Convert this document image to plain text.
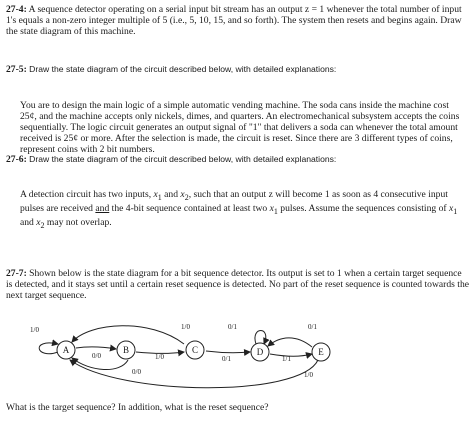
27-4: A sequence detector operating on a serial input bit stream has an output z = 1 whenever the total number of input 1's equals a non-zero integer multiple of 5 (i.e., 5, 10, 15, and so forth). The system then resets and begins again. Draw the state diagram of this machine.

27-5: Draw the state diagram of the circuit described below, with detailed explanations:

You are to design the main logic of a simple automatic vending machine. The soda cans inside the machine cost 25¢, and the machine accepts only nickels, dimes, and quarters. An electromechanical subsystem accepts the coins sequentially. The logic circuit generates an output signal of "1" that delivers a soda can whenever the total amount received is 25¢ or more. After the selection is made, the circuit is reset. Since there are 3 different types of coins, represent coins with 2 bit numbers.

27-6: Draw the state diagram of the circuit described below, with detailed explanations:

A detection circuit has two inputs, $x_1$ and $x_2$, such that an output z will become 1 as soon as 4 consecutive input pulses are received and the 4-bit sequence contained at least two $x_1$ pulses. Assume the sequences consisting of $x_1$ and $x_2$ may not overlap.

27-7: Shown below is the state diagram for a bit sequence detector. Its output is set to 1 when a certain target sequence is detected, and it stays set until a certain reset sequence is detected. No part of the reset sequence is counted towards the next target sequence.

A	B	C	D	E
1/0
0/0	1/0
0/0
1/0
0/1
0/1
1/1
0/1
1/0

What is the target sequence? In addition, what is the reset sequence?
